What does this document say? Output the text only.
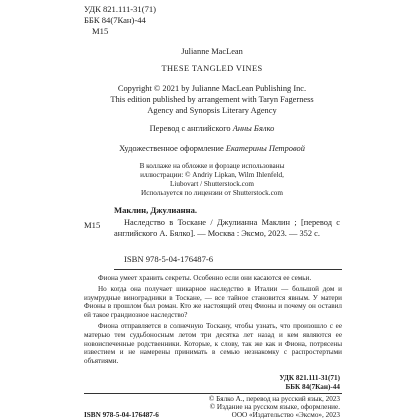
УДК 821.111-31(71)
ББК 84(7Кан)-44
М15
Julianne MacLean
THESE TANGLED VINES
Copyright © 2021 by Julianne MacLean Publishing Inc.
This edition published by arrangement with Taryn Fagerness
Agency and Synopsis Literary Agency
Перевод с английского Анны Бялко
Художественное оформление Екатерины Петровой
В коллаже на обложке и форзаце использованы
иллюстрации: © Andriy Lipkan, Wilm Ihlenfeld,
Liubovart / Shutterstock.com
Используется по лицензии от Shutterstock.com
М15
Маклин, Джулианна.
Наследство в Тоскане / Джулианна Маклин ; [перевод с английского А. Бялко]. — Москва : Эксмо, 2023. — 352 с.
ISBN 978-5-04-176487-6

Фиона умеет хранить секреты. Особенно если они касаются ее семьи.

Но когда она получает шикарное наследство в Италии — большой дом и изумрудные виноградники в Тоскане, — все тайное становится явным. У матери Фионы в прошлом был роман. Кто же настоящий отец Фионы и почему он оставил ей такое грандиозное наследство?

Фиона отправляется в солнечную Тоскану, чтобы узнать, что произошло с ее матерью тем судьбоносным летом три десятка лет назад и кем являются ее новоиспеченные родственники. Которые, к слову, так же как и Фиона, потрясены известием и не намерены принимать в семью незнакомку с распростертыми объятиями.

УДК 821.111-31(71)
ББК 84(7Кан)-44
© Бялко А., перевод на русский язык, 2023
© Издание на русском языке, оформление.
ООО «Издательство «Эксмо», 2023
ISBN 978-5-04-176487-6
